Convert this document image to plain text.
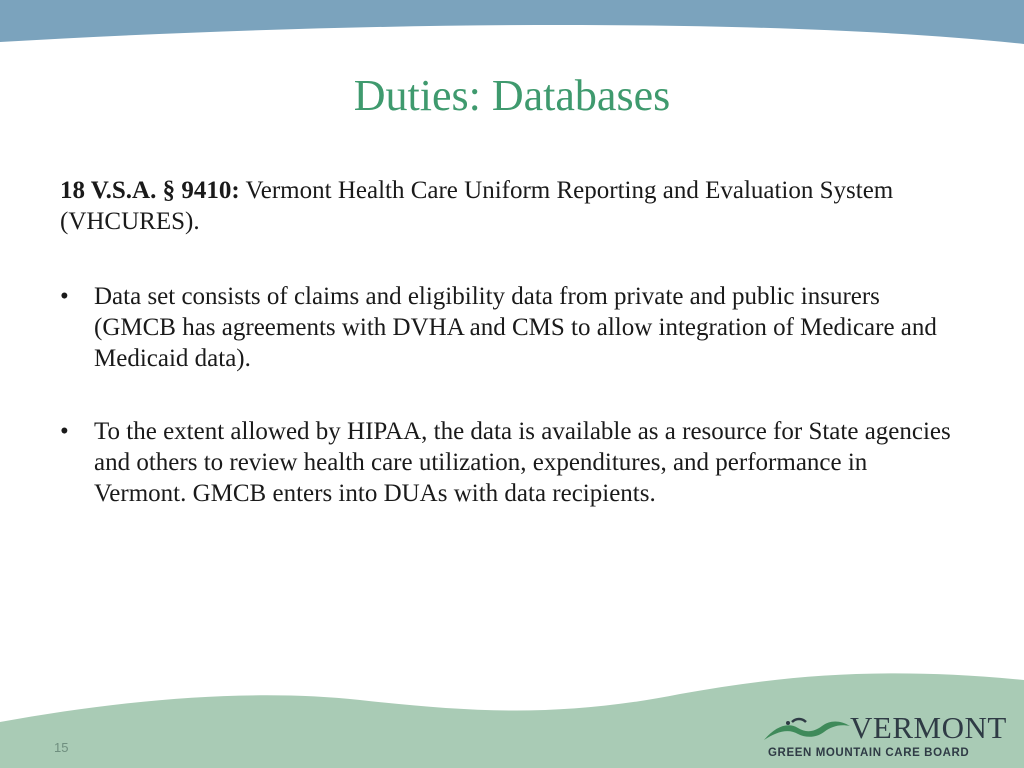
Duties: Databases
18 V.S.A. § 9410: Vermont Health Care Uniform Reporting and Evaluation System (VHCURES).
•	Data set consists of claims and eligibility data from private and public insurers (GMCB has agreements with DVHA and CMS to allow integration of Medicare and Medicaid data).
•	To the extent allowed by HIPAA, the data is available as a resource for State agencies and others to review health care utilization, expenditures, and performance in Vermont. GMCB enters into DUAs with data recipients.
15
VERMONT
GREEN MOUNTAIN CARE BOARD
